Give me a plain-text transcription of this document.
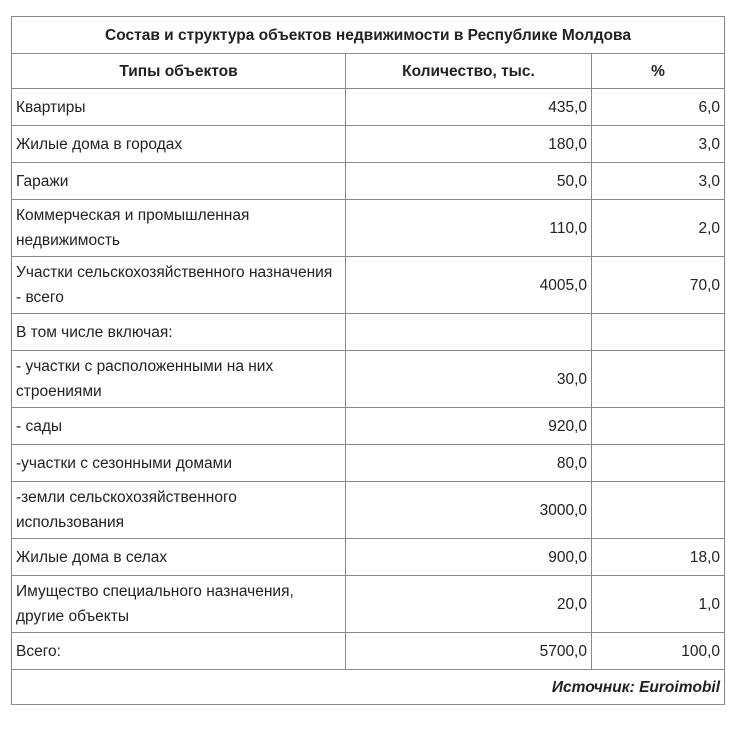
Состав и структура объектов недвижимости в Республике Молдова		
Типы объектов	Количество, тыс.	%
Квартиры	435,0	6,0
Жилые дома в городах	180,0	3,0
Гаражи	50,0	3,0
Коммерческая и промышленная недвижимость	110,0	2,0
Участки сельскохозяйственного назначения - всего	4005,0	70,0
В том числе включая:		
- участки с расположенными на них строениями	30,0	
- сады	920,0	
-участки с сезонными домами	80,0	
-земли сельскохозяйственного использования	3000,0	
Жилые дома в селах	900,0	18,0
Имущество специального назначения, другие объекты	20,0	1,0
Всего:	5700,0	100,0
Источник: Euroimobil		
